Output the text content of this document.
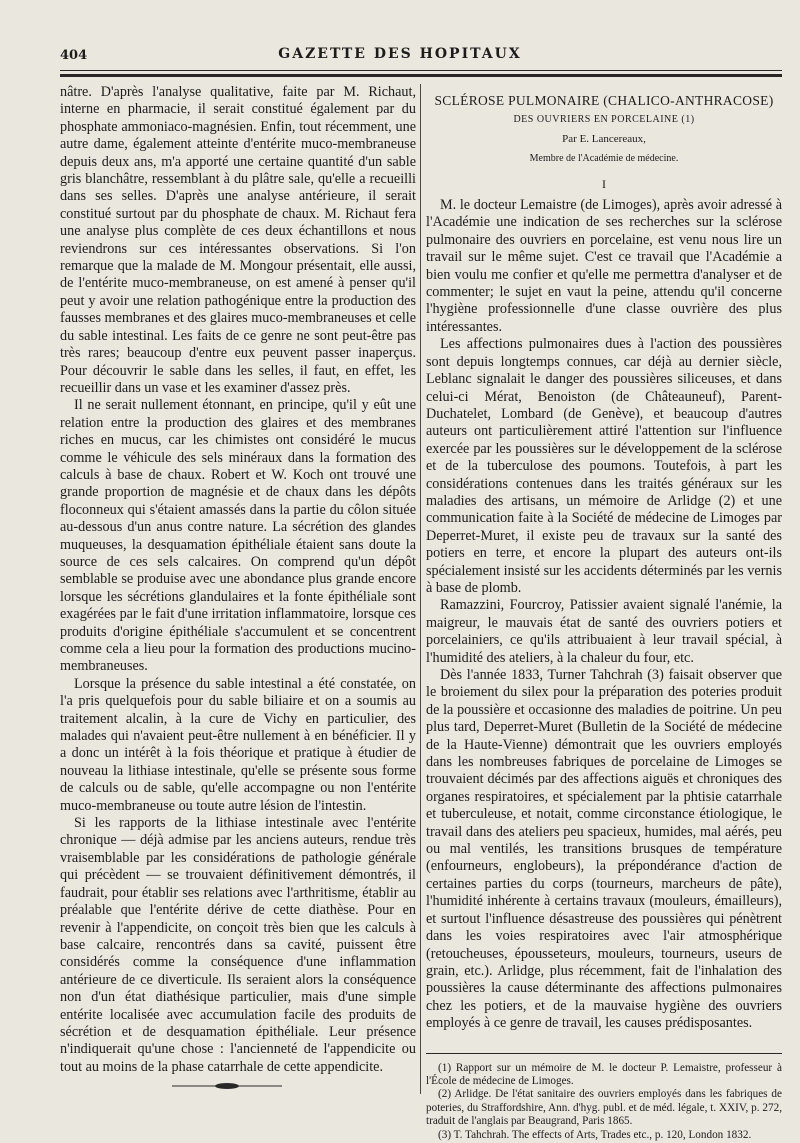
404	GAZETTE DES HOPITAUX

nâtre. D'après l'analyse qualitative, faite par M. Richaut, interne en pharmacie, il serait constitué également par du phosphate ammoniaco-magnésien. Enfin, tout récemment, une autre dame, également atteinte d'entérite muco-membraneuse depuis deux ans, m'a apporté une certaine quantité d'un sable gris blanchâtre, ressemblant à du plâtre sale, qu'elle a recueilli dans ses selles. D'après une analyse antérieure, il serait constitué surtout par du phosphate de chaux. M. Richaut fera une analyse plus complète de ces deux échantillons et nous reviendrons sur ces intéressantes observations. Si l'on remarque que la malade de M. Mongour présentait, elle aussi, de l'entérite muco-membraneuse, on est amené à penser qu'il peut y avoir une relation pathogénique entre la production des fausses membranes et des glaires muco-membraneuses et celle du sable intestinal. Les faits de ce genre ne sont peut-être pas très rares; beaucoup d'entre eux peuvent passer inaperçus. Pour découvrir le sable dans les selles, il faut, en effet, les recueillir dans un vase et les examiner d'assez près.

Il ne serait nullement étonnant, en principe, qu'il y eût une relation entre la production des glaires et des membranes riches en mucus, car les chimistes ont considéré le mucus comme le véhicule des sels minéraux dans la formation des calculs à base de chaux. Robert et W. Koch ont trouvé une grande proportion de magnésie et de chaux dans les dépôts floconneux qui s'étaient amassés dans la partie du côlon située au-dessous d'un anus contre nature. La sécrétion des glandes muqueuses, la desquamation épithéliale étaient sans doute la source de ces sels calcaires. On comprend qu'un dépôt semblable se produise avec une abondance plus grande encore lorsque les sécrétions glandulaires et la fonte épithéliale sont exagérées par le fait d'une irritation inflammatoire, lorsque ces produits d'origine épithéliale s'accumulent et se concentrent comme cela a lieu pour la formation des productions mucino-membraneuses.

Lorsque la présence du sable intestinal a été constatée, on l'a pris quelquefois pour du sable biliaire et on a soumis au traitement alcalin, à la cure de Vichy en particulier, des malades qui n'avaient peut-être nullement à en bénéficier. Il y a donc un intérêt à la fois théorique et pratique à étudier de nouveau la lithiase intestinale, qu'elle se présente sous forme de calculs ou de sable, qu'elle accompagne ou non l'entérite muco-membraneuse ou toute autre lésion de l'intestin.

Si les rapports de la lithiase intestinale avec l'entérite chronique — déjà admise par les anciens auteurs, rendue très vraisemblable par les considérations de pathologie générale qui précèdent — se trouvaient définitivement démontrés, il faudrait, pour établir ses relations avec l'arthritisme, établir au préalable que l'entérite dérive de cette diathèse. Pour en revenir à l'appendicite, on conçoit très bien que les calculs à base calcaire, rencontrés dans sa cavité, puissent être considérés comme la conséquence d'une inflammation antérieure de ce diverticule. Ils seraient alors la conséquence non d'un état diathésique particulier, mais d'une simple entérite localisée avec accumulation facile des produits de sécrétion et de desquamation épithéliale. Leur présence n'indiquerait qu'une chose : l'ancienneté de l'appendicite ou tout au moins de la phase catarrhale de cette appendicite.

SCLÉROSE PULMONAIRE (CHALICO-ANTHRACOSE)
DES OUVRIERS EN PORCELAINE (1)
Par E. Lancereaux,
Membre de l'Académie de médecine.
I

M. le docteur Lemaistre (de Limoges), après avoir adressé à l'Académie une indication de ses recherches sur la sclérose pulmonaire des ouvriers en porcelaine, est venu nous lire un travail sur le même sujet. C'est ce travail que l'Académie a bien voulu me confier et qu'elle me permettra d'analyser et de commenter; le sujet en vaut la peine, attendu qu'il concerne l'hygiène professionnelle d'une classe ouvrière des plus intéressantes.

Les affections pulmonaires dues à l'action des poussières sont depuis longtemps connues, car déjà au dernier siècle, Leblanc signalait le danger des poussières siliceuses, et dans celui-ci Mérat, Benoiston (de Châteauneuf), Parent-Duchatelet, Lombard (de Genève), et beaucoup d'autres auteurs ont particulièrement attiré l'attention sur l'influence exercée par les poussières sur le développement de la sclérose et de la tuberculose des poumons. Toutefois, à part les considérations contenues dans les traités généraux sur les maladies des artisans, un mémoire de Arlidge (2) et une communication faite à la Société de médecine de Limoges par Deperret-Muret, il existe peu de travaux sur la santé des potiers en terre, et encore la plupart des auteurs ont-ils spécialement insisté sur les accidents déterminés par les vernis à base de plomb.

Ramazzini, Fourcroy, Patissier avaient signalé l'anémie, la maigreur, le mauvais état de santé des ouvriers potiers et porcelainiers, ce qu'ils attribuaient à leur travail spécial, à l'humidité des ateliers, à la chaleur du four, etc.

Dès l'année 1833, Turner Tahchrah (3) faisait observer que le broiement du silex pour la préparation des poteries produit de la poussière et occasionne des maladies de poitrine. Un peu plus tard, Deperret-Muret (Bulletin de la Société de médecine de la Haute-Vienne) démontrait que les ouvriers employés dans les nombreuses fabriques de porcelaine de Limoges se trouvaient décimés par des affections aiguës et chroniques des organes respiratoires, et spécialement par la phtisie catarrhale et tuberculeuse, et notait, comme circonstance étiologique, le travail dans des ateliers peu spacieux, humides, mal aérés, peu ou mal ventilés, les transitions brusques de température (enfourneurs, englobeurs), la prépondérance d'action de certaines parties du corps (tourneurs, marcheurs de pâte), l'humidité inhérente à certains travaux (mouleurs, émailleurs), et surtout l'influence désastreuse des poussières qui pénètrent dans les voies respiratoires avec l'air atmosphérique (retoucheuses, épousseteurs, mouleurs, tourneurs, useurs de grain, etc.). Arlidge, plus récemment, fait de l'inhalation des poussières la cause déterminante des affections pulmonaires chez les potiers, et de la mauvaise hygiène des ouvriers employés à ce genre de travail, les causes prédisposantes.

(1) Rapport sur un mémoire de M. le docteur P. Lemaistre, professeur à l'École de médecine de Limoges.

(2) Arlidge. De l'état sanitaire des ouvriers employés dans les fabriques de poteries, du Straffordshire, Ann. d'hyg. publ. et de méd. légale, t. XXIV, p. 272, traduit de l'anglais par Beaugrand, Paris 1865.

(3) T. Tahchrah. The effects of Arts, Trades etc., p. 120, London 1832.
